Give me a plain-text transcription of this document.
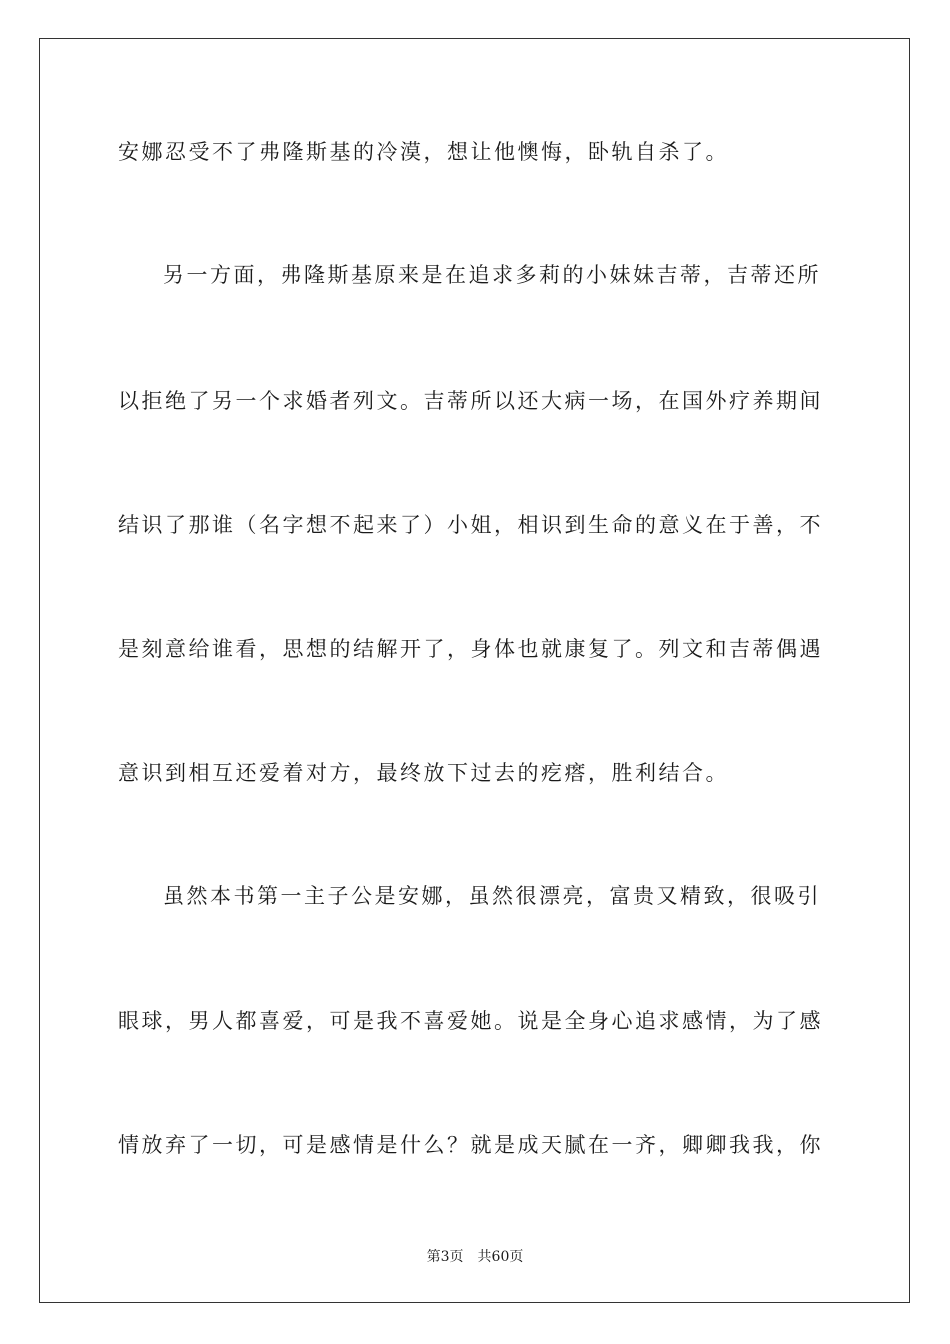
安娜忍受不了弗隆斯基的冷漠，想让他懊悔，卧轨自杀了。
另一方面，弗隆斯基原来是在追求多莉的小妹妹吉蒂，吉蒂还所
以拒绝了另一个求婚者列文。吉蒂所以还大病一场，在国外疗养期间
结识了那谁（名字想不起来了）小姐，相识到生命的意义在于善，不
是刻意给谁看，思想的结解开了，身体也就康复了。列文和吉蒂偶遇
意识到相互还爱着对方，最终放下过去的疙瘩，胜利结合。
虽然本书第一主子公是安娜，虽然很漂亮，富贵又精致，很吸引
眼球，男人都喜爱，可是我不喜爱她。说是全身心追求感情，为了感
情放弃了一切，可是感情是什么？就是成天腻在一齐，卿卿我我，你
第3页 共60页
